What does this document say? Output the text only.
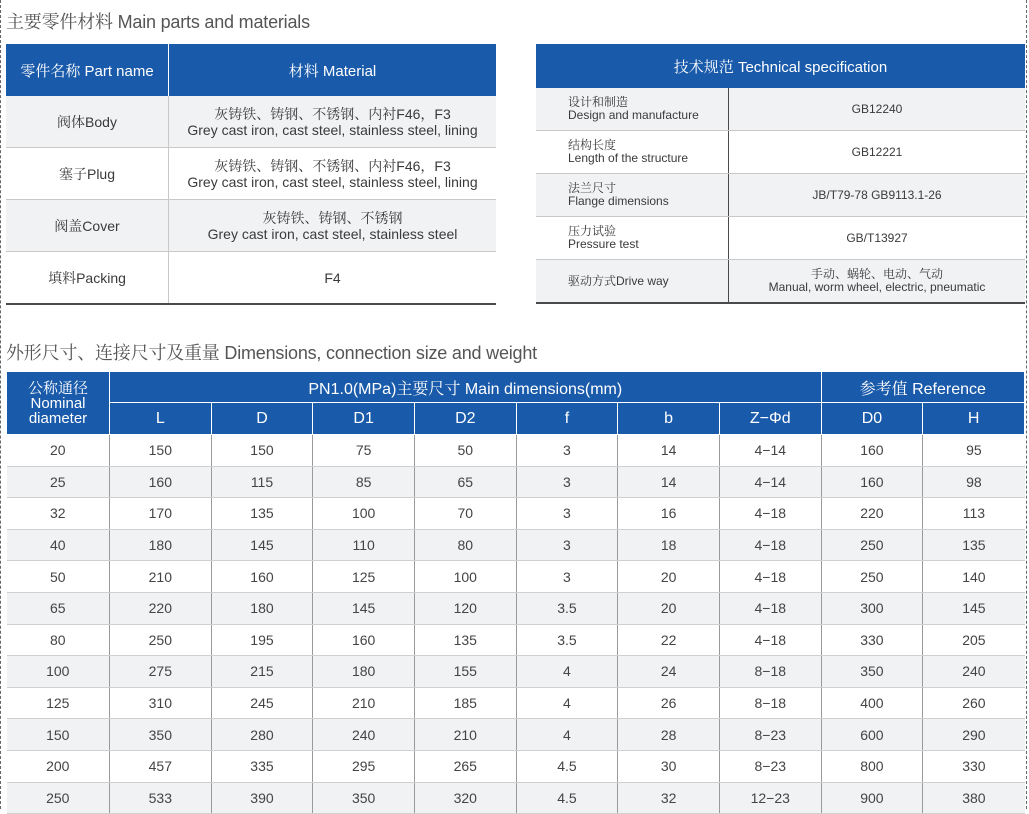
主要零件材料 Main parts and materials
零件名称 Part name	材料 Material
阀体Body	灰铸铁、铸钢、不锈钢、内衬F46，F3
Grey cast iron, cast steel, stainless steel, lining
塞子Plug	灰铸铁、铸钢、不锈钢、内衬F46，F3
Grey cast iron, cast steel, stainless steel, lining
阀盖Cover	灰铸铁、铸钢、不锈钢
Grey cast iron, cast steel, stainless steel
填料Packing	F4
技术规范 Technical specification
设计和制造
Design and manufacture	GB12240
结构长度
Length of the structure	GB12221
法兰尺寸
Flange dimensions	JB/T79-78 GB9113.1-26
压力试验
Pressure test	GB/T13927
驱动方式Drive way	手动、蜗轮、电动、气动
Manual, worm wheel, electric, pneumatic
外形尺寸、连接尺寸及重量 Dimensions, connection size and weight
公称通径
Nominal
diameter	PN1.0(MPa)主要尺寸 Main dimensions(mm)							参考值 Reference	
	L	D	D1	D2	f	b	Z−Φd	D0	H
20	150	150	75	50	3	14	4−14	160	95
25	160	115	85	65	3	14	4−14	160	98
32	170	135	100	70	3	16	4−18	220	113
40	180	145	110	80	3	18	4−18	250	135
50	210	160	125	100	3	20	4−18	250	140
65	220	180	145	120	3.5	20	4−18	300	145
80	250	195	160	135	3.5	22	4−18	330	205
100	275	215	180	155	4	24	8−18	350	240
125	310	245	210	185	4	26	8−18	400	260
150	350	280	240	210	4	28	8−23	600	290
200	457	335	295	265	4.5	30	8−23	800	330
250	533	390	350	320	4.5	32	12−23	900	380
